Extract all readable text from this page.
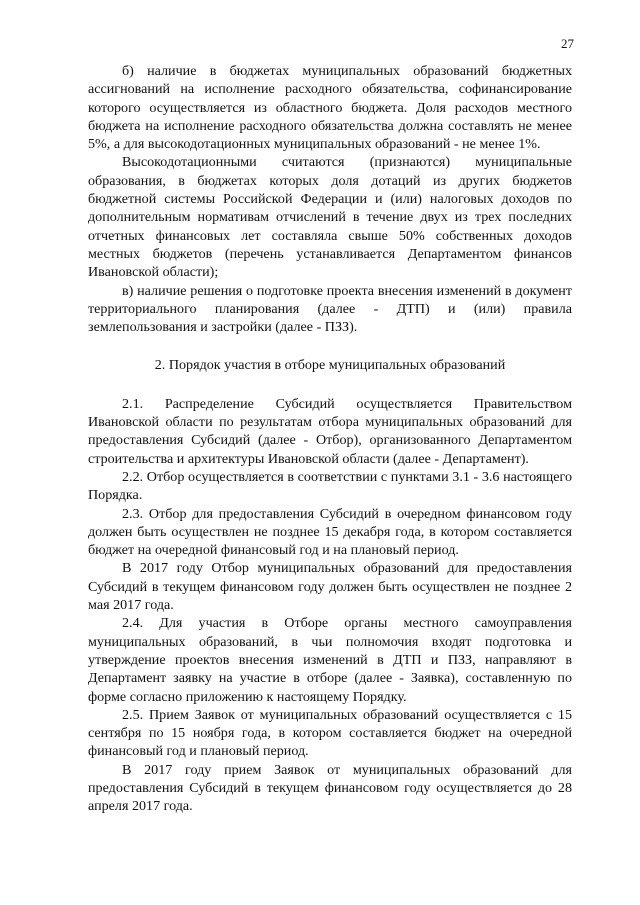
27

б) наличие в бюджетах муниципальных образований бюджетных ассигнований на исполнение расходного обязательства, софинансирование которого осуществляется из областного бюджета. Доля расходов местного бюджета на исполнение расходного обязательства должна составлять не менее 5%, а для высокодотационных муниципальных образований - не менее 1%.

Высокодотационными считаются (признаются) муниципальные образования, в бюджетах которых доля дотаций из других бюджетов бюджетной системы Российской Федерации и (или) налоговых доходов по дополнительным нормативам отчислений в течение двух из трех последних отчетных финансовых лет составляла свыше 50% собственных доходов местных бюджетов (перечень устанавливается Департаментом финансов Ивановской области);

в) наличие решения о подготовке проекта внесения изменений в документ территориального планирования (далее - ДТП) и (или) правила землепользования и застройки (далее - ПЗЗ).

2. Порядок участия в отборе муниципальных образований

2.1. Распределение Субсидий осуществляется Правительством Ивановской области по результатам отбора муниципальных образований для предоставления Субсидий (далее - Отбор), организованного Департаментом строительства и архитектуры Ивановской области (далее - Департамент).

2.2. Отбор осуществляется в соответствии с пунктами 3.1 - 3.6 настоящего Порядка.

2.3. Отбор для предоставления Субсидий в очередном финансовом году должен быть осуществлен не позднее 15 декабря года, в котором составляется бюджет на очередной финансовый год и на плановый период.

В 2017 году Отбор муниципальных образований для предоставления Субсидий в текущем финансовом году должен быть осуществлен не позднее 2 мая 2017 года.

2.4. Для участия в Отборе органы местного самоуправления муниципальных образований, в чьи полномочия входят подготовка и утверждение проектов внесения изменений в ДТП и ПЗЗ, направляют в Департамент заявку на участие в отборе (далее - Заявка), составленную по форме согласно приложению к настоящему Порядку.

2.5. Прием Заявок от муниципальных образований осуществляется с 15 сентября по 15 ноября года, в котором составляется бюджет на очередной финансовый год и плановый период.

В 2017 году прием Заявок от муниципальных образований для предоставления Субсидий в текущем финансовом году осуществляется до 28 апреля 2017 года.
